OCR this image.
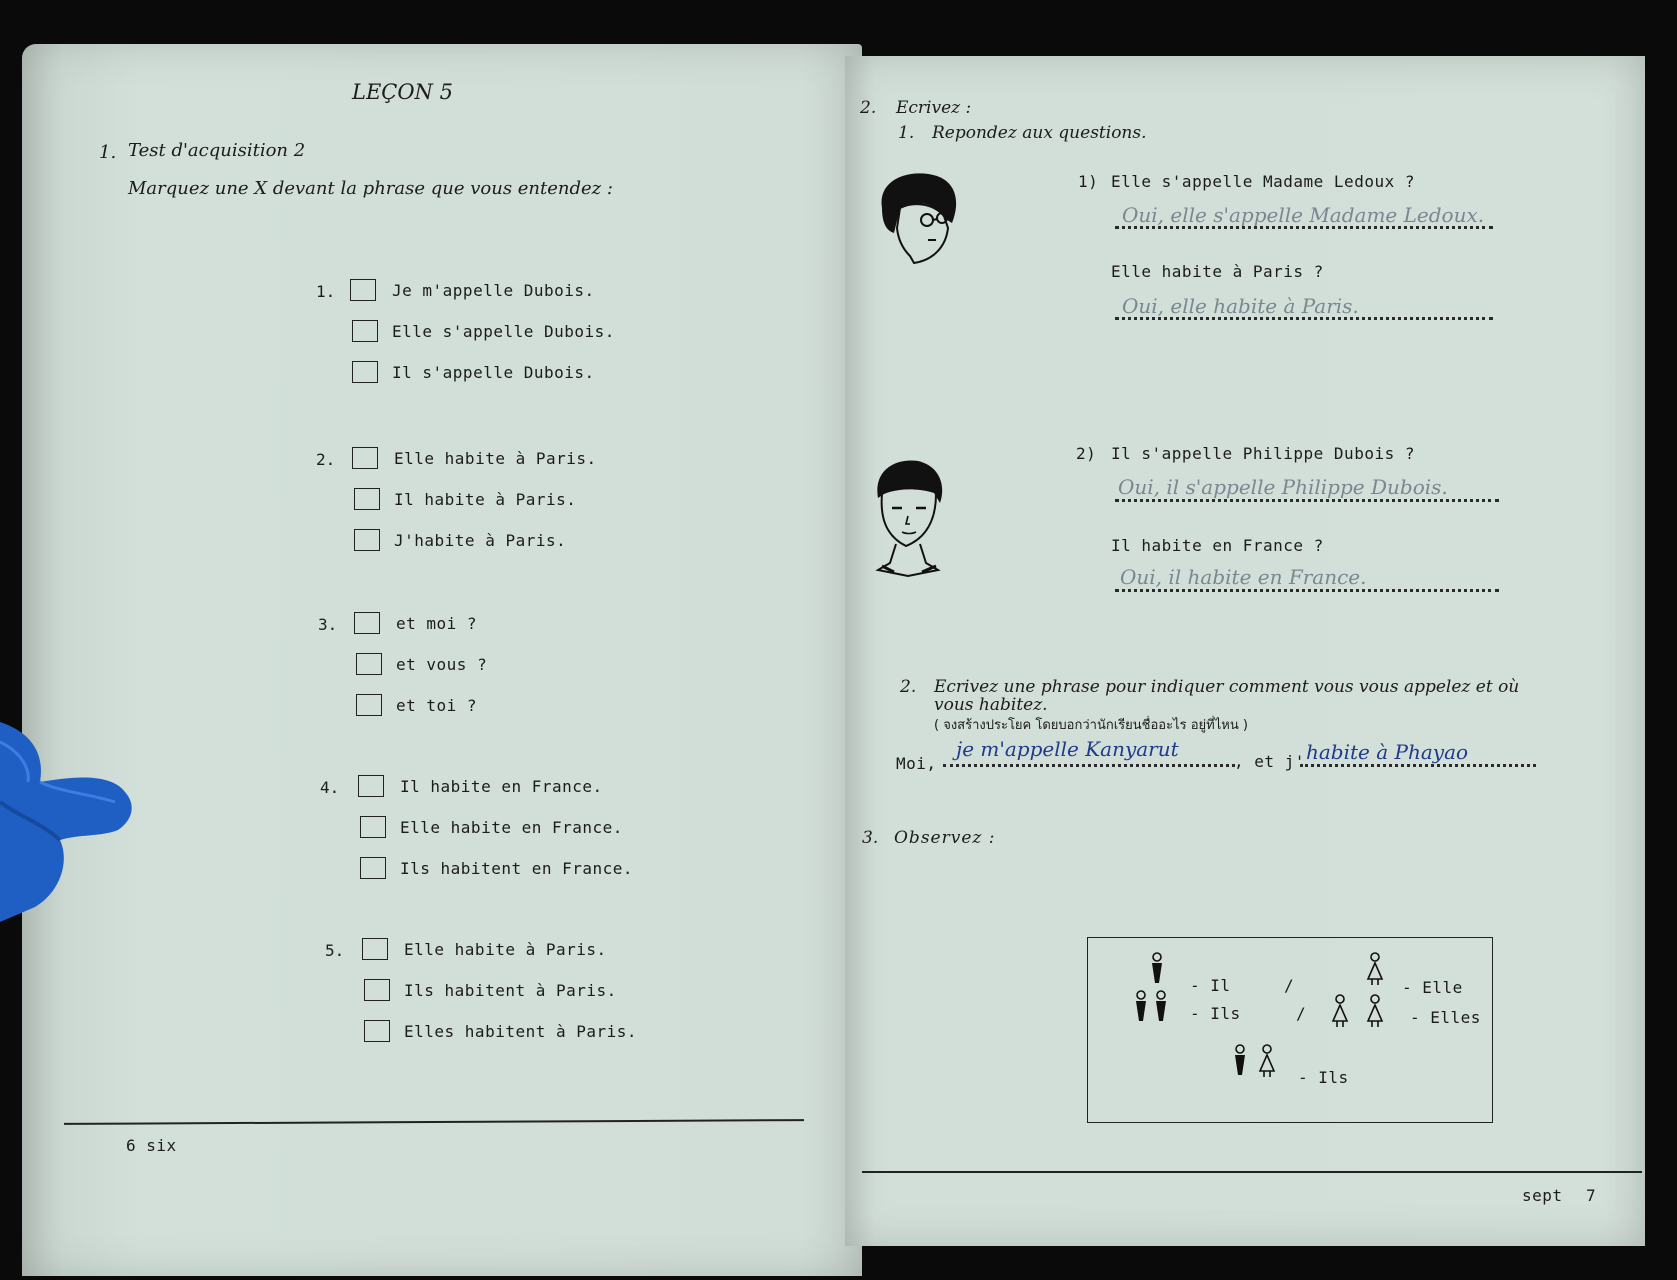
LEÇON 5
1. Test d'acquisition 2
Marquez une X devant la phrase que vous entendez :
1.	Je m'appelle Dubois.
Elle s'appelle Dubois.
Il s'appelle Dubois.
2.	Elle habite à Paris.
Il habite à Paris.
J'habite à Paris.
3.	et moi ?
et vous ?
et toi ?
4.	Il habite en France.
Elle habite en France.
Ils habitent en France.
5.	Elle habite à Paris.
Ils habitent à Paris.
Elles habitent à Paris.
6 six
2. Ecrivez :
1. Repondez aux questions.
1) Elle s'appelle Madame Ledoux ?
Oui, elle s'appelle Madame Ledoux.
Elle habite à Paris ?
Oui, elle habite à Paris.
2) Il s'appelle Philippe Dubois ?
Oui, il s'appelle Philippe Dubois.
Il habite en France ?
Oui, il habite en France.
2. Ecrivez une phrase pour indiquer comment vous vous appelez et où
vous habitez.
( จงสร้างประโยค โดยบอกว่านักเรียนชื่ออะไร อยู่ที่ไหน )
Moi,
je m'appelle Kanyarut
, et j' habite à Phayao
3. Observez :
- Il	/	- Elle
- Ils	/	- Elles
- Ils
sept 7
